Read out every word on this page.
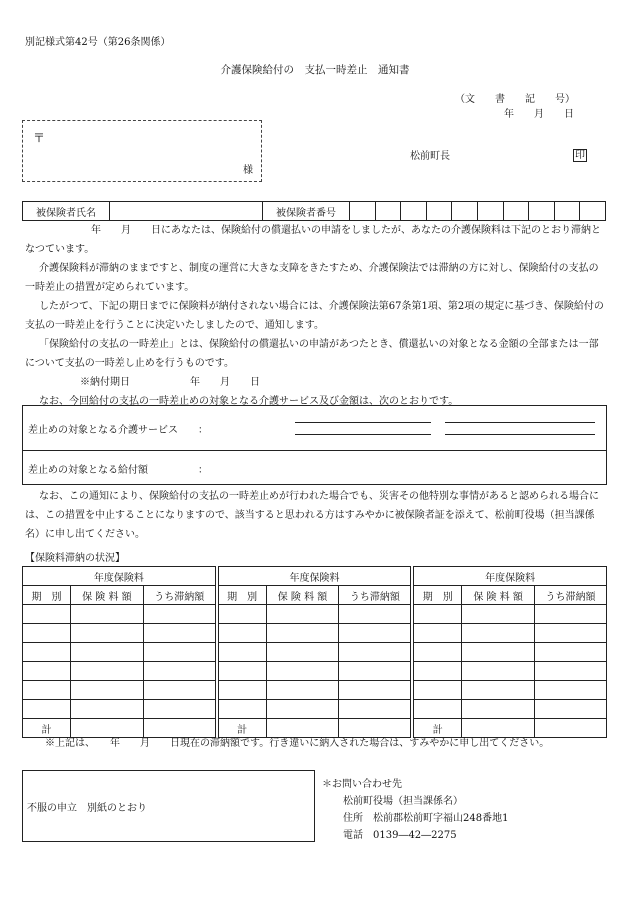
別記様式第42号（第26条関係）
介護保険給付の　支払一時差止　通知書
（文　　書　　記　　号）
年　　月　　日
〒
様
松前町長	印
被保険者氏名		被保険者番号										
年　　月　　日にあなたは、保険給付の償還払いの申請をしましたが、あなたの介護保険料は下記のとおり滞納となつています。
介護保険料が滞納のままですと、制度の運営に大きな支障をきたすため、介護保険法では滞納の方に対し、保険給付の支払の一時差止の措置が定められています。
したがつて、下記の期日までに保険料が納付されない場合には、介護保険法第67条第1項、第2項の規定に基づき、保険給付の支払の一時差止を行うことに決定いたしましたので、通知します。
「保険給付の支払の一時差止」とは、保険給付の償還払いの申請があつたとき、償還払いの対象となる金額の全部または一部について支払の一時差し止めを行うものです。
※納付期日　　　　　　年　　月　　日
なお、今回給付の支払の一時差止めの対象となる介護サービス及び金額は、次のとおりです。
差止めの対象となる介護サービス　　：
差止めの対象となる給付額　　　　　：
なお、この通知により、保険給付の支払の一時差止めが行われた場合でも、災害その他特別な事情があると認められる場合には、この措置を中止することになりますので、該当すると思われる方はすみやかに被保険者証を添えて、松前町役場（担当課係名）に申し出てください。
【保険料滞納の状況】
年度保険料				年度保険料				年度保険料		
期　別	保 険 料 額	うち滞納額		期　別	保 険 料 額	うち滞納額		期　別	保 険 料 額	うち滞納額

計				計				計		
※上記は、　　年　　月　　日現在の滞納額です。行き違いに納入された場合は、すみやかに申し出てください。
不服の申立　別紙のとおり
＊お問い合わせ先
松前町役場（担当課係名）
住所　松前郡松前町字福山248番地1
電話　0139―42―2275
